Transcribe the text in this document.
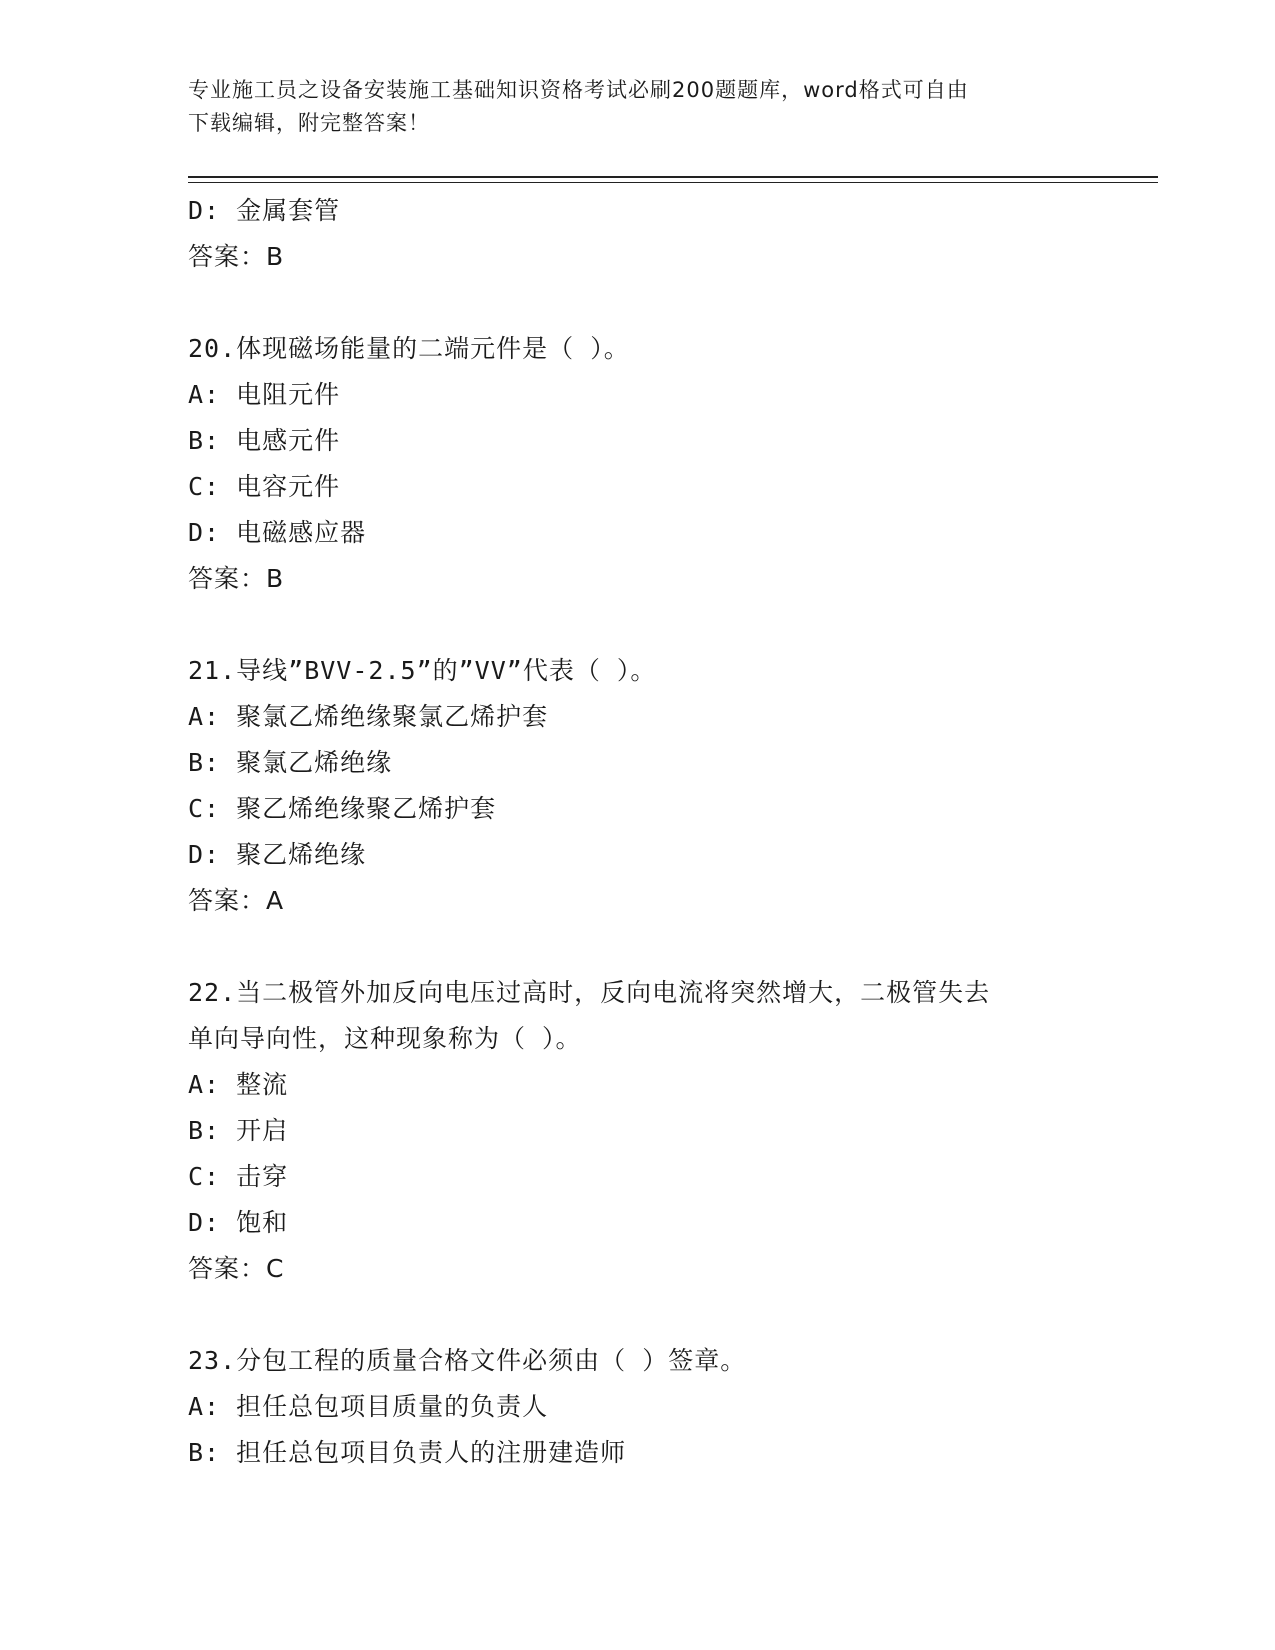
专业施工员之设备安装施工基础知识资格考试必刷200题题库，word格式可自由
下载编辑，附完整答案！
D: 金属套管
答案：B
20.体现磁场能量的二端元件是（ ）。
A: 电阻元件
B: 电感元件
C: 电容元件
D: 电磁感应器
答案：B
21.导线”BVV-2.5”的”VV”代表（ ）。
A: 聚氯乙烯绝缘聚氯乙烯护套
B: 聚氯乙烯绝缘
C: 聚乙烯绝缘聚乙烯护套
D: 聚乙烯绝缘
答案：A
22.当二极管外加反向电压过高时，反向电流将突然增大，二极管失去
单向导向性，这种现象称为（ ）。
A: 整流
B: 开启
C: 击穿
D: 饱和
答案：C
23.分包工程的质量合格文件必须由（ ）签章。
A: 担任总包项目质量的负责人
B: 担任总包项目负责人的注册建造师
